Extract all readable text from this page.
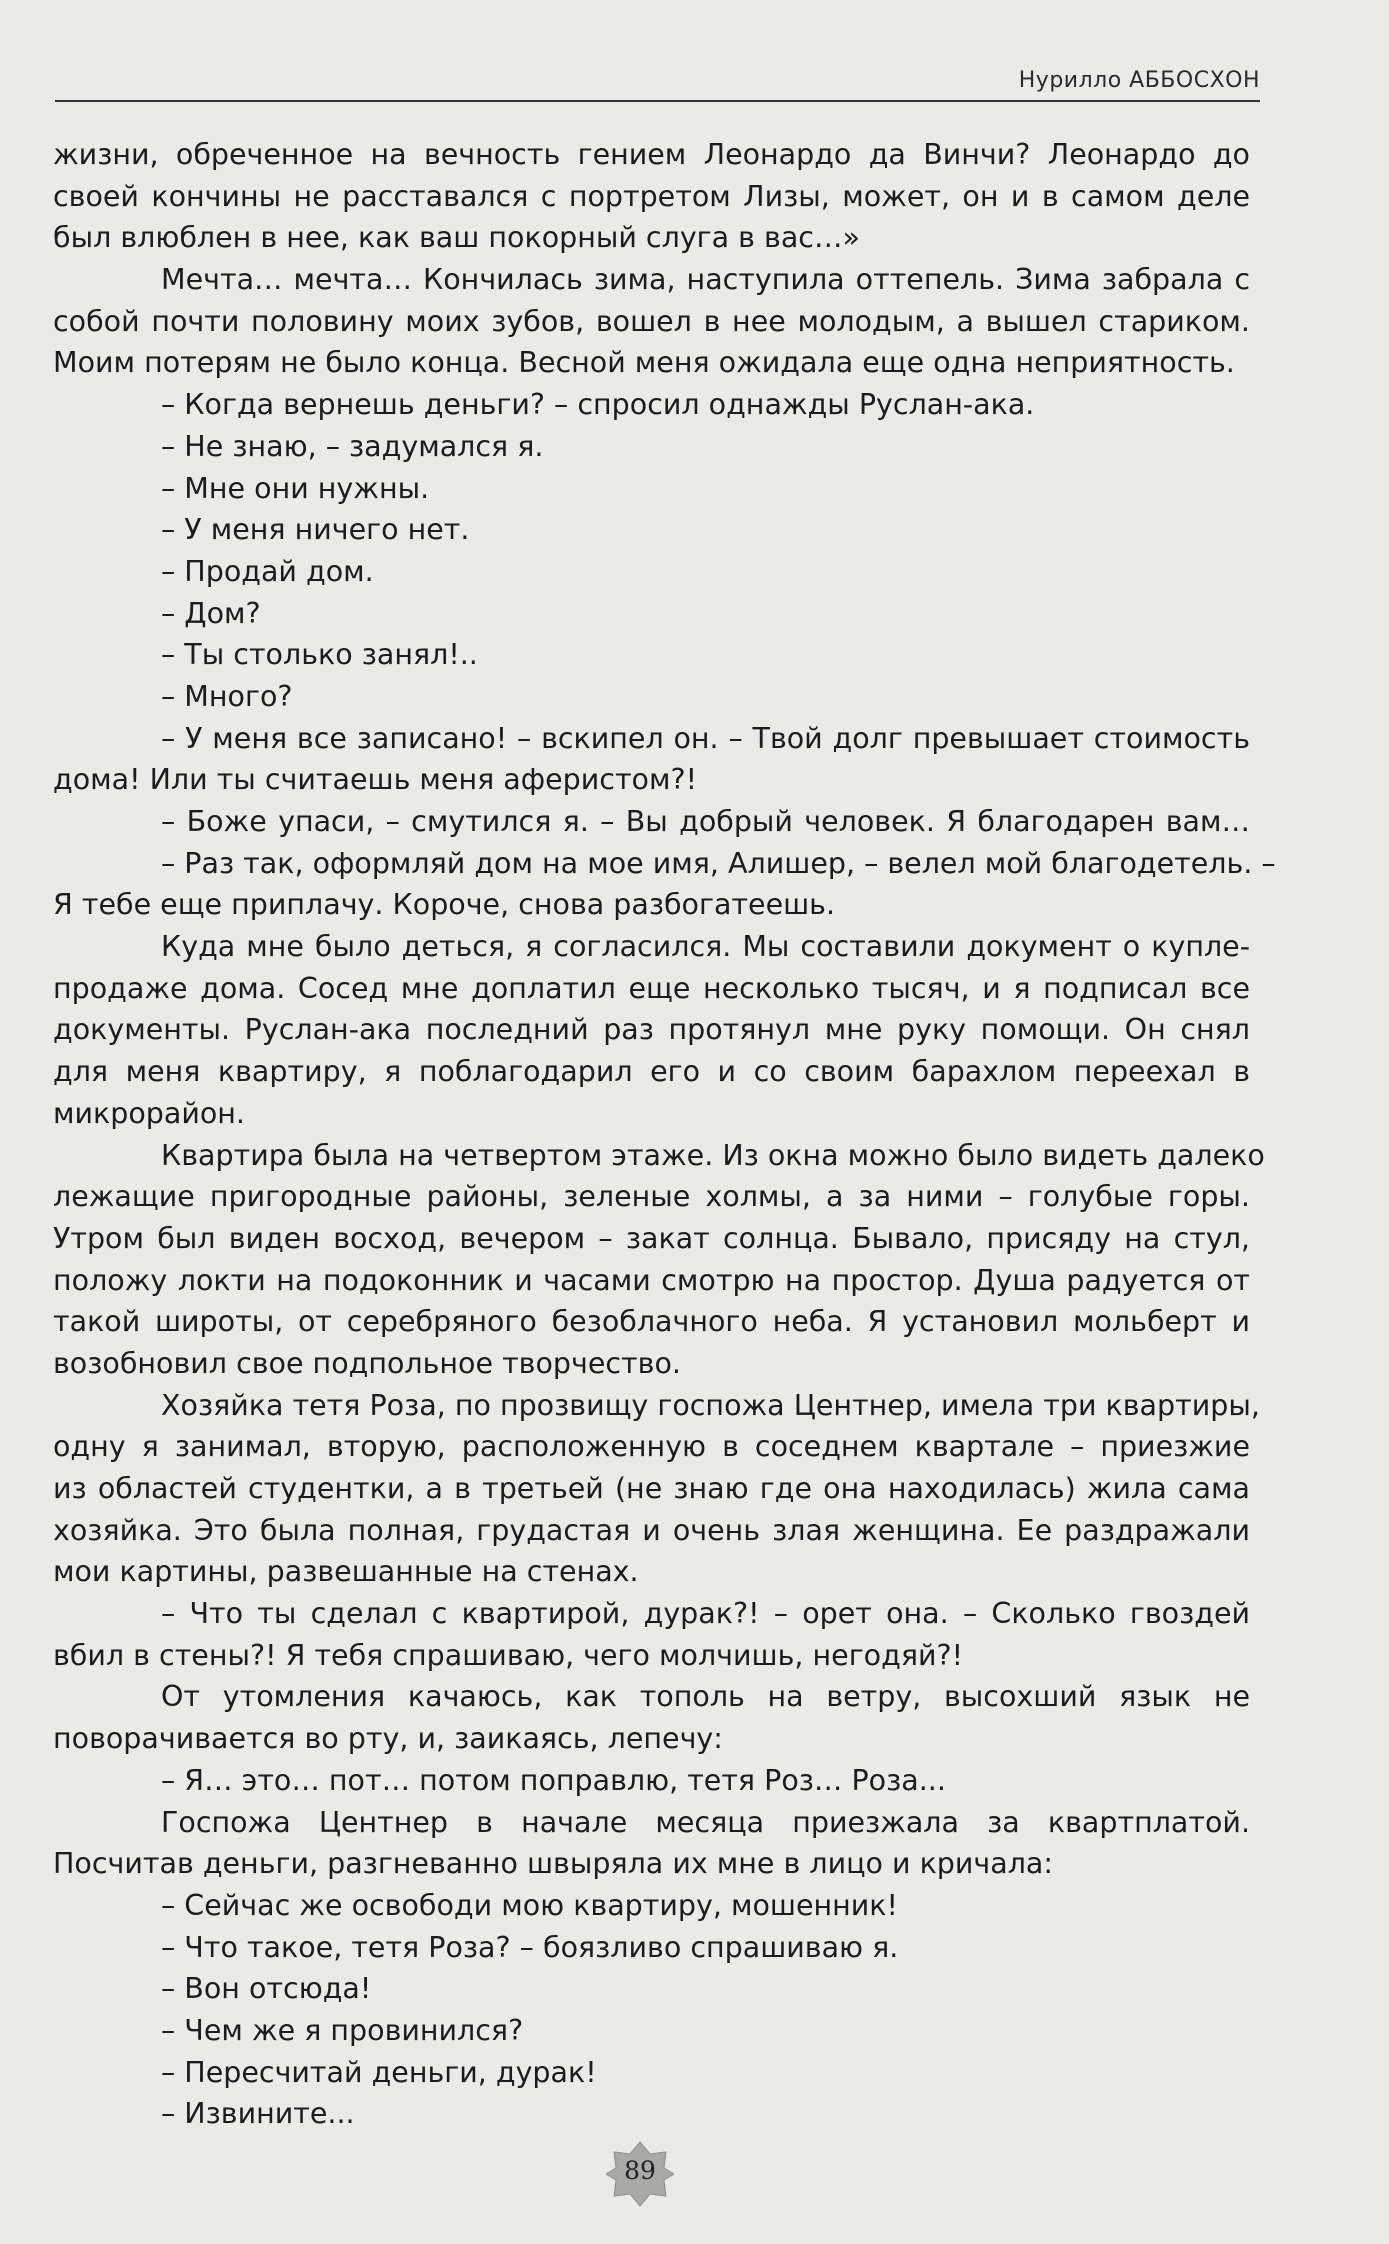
Нурилло АББОСХОН
жизни, обреченное на вечность гением Леонардо да Винчи? Леонардо до
своей кончины не расставался с портретом Лизы, может, он и в самом деле
был влюблен в нее, как ваш покорный слуга в вас…»
Мечта… мечта… Кончилась зима, наступила оттепель. Зима забрала с
собой почти половину моих зубов, вошел в нее молодым, а вышел стариком.
Моим потерям не было конца. Весной меня ожидала еще одна неприятность.
– Когда вернешь деньги? – спросил однажды Руслан-ака.
– Не знаю, – задумался я.
– Мне они нужны.
– У меня ничего нет.
– Продай дом.
– Дом?
– Ты столько занял!..
– Много?
– У меня все записано! – вскипел он. – Твой долг превышает стоимость
дома! Или ты считаешь меня аферистом?!
– Боже упаси, – смутился я. – Вы добрый человек. Я благодарен вам…
– Раз так, оформляй дом на мое имя, Алишер, – велел мой благодетель. –
Я тебе еще приплачу. Короче, снова разбогатеешь.
Куда мне было деться, я согласился. Мы составили документ о купле-
продаже дома. Сосед мне доплатил еще несколько тысяч, и я подписал все
документы. Руслан-ака последний раз протянул мне руку помощи. Он снял
для меня квартиру, я поблагодарил его и со своим барахлом переехал в
микрорайон.
Квартира была на четвертом этаже. Из окна можно было видеть далеко
лежащие пригородные районы, зеленые холмы, а за ними – голубые горы.
Утром был виден восход, вечером – закат солнца. Бывало, присяду на стул,
положу локти на подоконник и часами смотрю на простор. Душа радуется от
такой широты, от серебряного безоблачного неба. Я установил мольберт и
возобновил свое подпольное творчество.
Хозяйка тетя Роза, по прозвищу госпожа Центнер, имела три квартиры,
одну я занимал, вторую, расположенную в соседнем квартале – приезжие
из областей студентки, а в третьей (не знаю где она находилась) жила сама
хозяйка. Это была полная, грудастая и очень злая женщина. Ее раздражали
мои картины, развешанные на стенах.
– Что ты сделал с квартирой, дурак?! – орет она. – Сколько гвоздей
вбил в стены?! Я тебя спрашиваю, чего молчишь, негодяй?!
От утомления качаюсь, как тополь на ветру, высохший язык не
поворачивается во рту, и, заикаясь, лепечу:
– Я… это… пот… потом поправлю, тетя Роз… Роза...
Госпожа Центнер в начале месяца приезжала за квартплатой.
Посчитав деньги, разгневанно швыряла их мне в лицо и кричала:
– Сейчас же освободи мою квартиру, мошенник!
– Что такое, тетя Роза? – боязливо спрашиваю я.
– Вон отсюда!
– Чем же я провинился?
– Пересчитай деньги, дурак!
– Извините...
89
